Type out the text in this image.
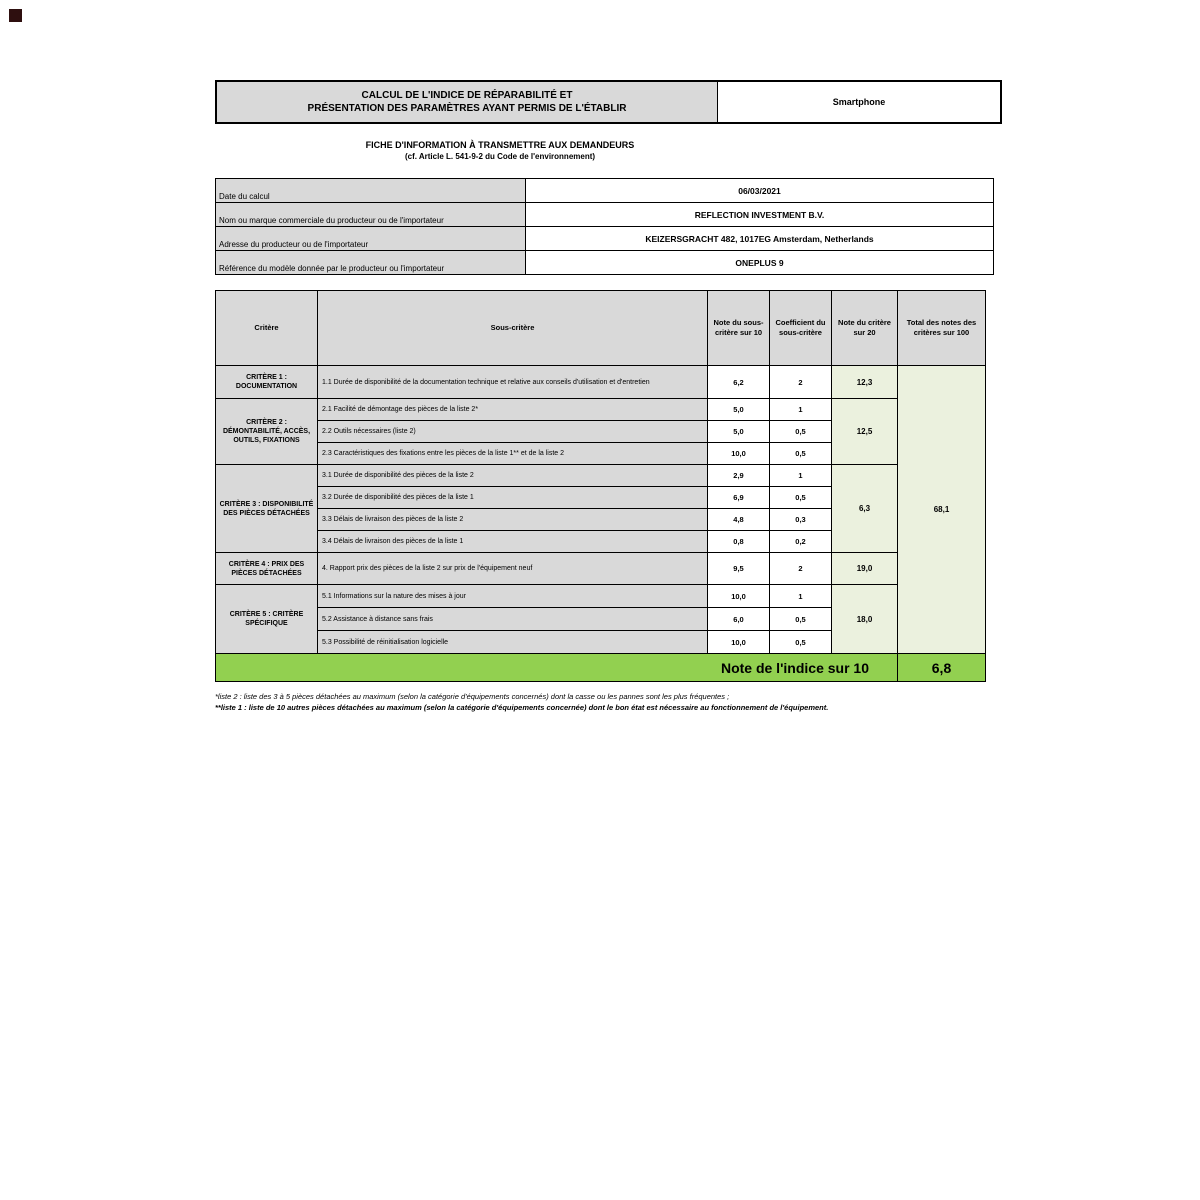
CALCUL DE L'INDICE DE RÉPARABILITÉ ET
PRÉSENTATION DES PARAMÈTRES AYANT PERMIS DE L'ÉTABLIR
	Smartphone
FICHE D'INFORMATION À TRANSMETTRE AUX DEMANDEURS
(cf. Article L. 541-9-2 du Code de l'environnement)
Date du calcul	06/03/2021
Nom ou marque commerciale du producteur ou de l'importateur	REFLECTION INVESTMENT B.V.
Adresse du producteur ou de l'importateur	KEIZERSGRACHT 482, 1017EG Amsterdam, Netherlands
Référence du modèle donnée par le producteur ou l'importateur	ONEPLUS 9
Critère	Sous-critère	Note du sous-critère sur 10	Coefficient du sous-critère	Note du critère sur 20	Total des notes des critères sur 100
CRITÈRE 1 : DOCUMENTATION	1.1 Durée de disponibilité de la documentation technique et relative aux conseils d'utilisation et d'entretien	6,2	2	12,3	68,1
CRITÈRE 2 : DÉMONTABILITÉ, ACCÈS, OUTILS, FIXATIONS	2.1 Facilité de démontage des pièces de la liste 2*	5,0	1	12,5	
	2.2 Outils nécessaires (liste 2)	5,0	0,5		
	2.3 Caractéristiques des fixations entre les pièces de la liste 1** et de la liste 2	10,0	0,5		
CRITÈRE 3 : DISPONIBILITÉ DES PIÈCES DÉTACHÉES	3.1 Durée de disponibilité des pièces de la liste 2	2,9	1	6,3	
	3.2 Durée de disponibilité des pièces de la liste 1	6,9	0,5		
	3.3 Délais de livraison des pièces de la liste 2	4,8	0,3		
	3.4 Délais de livraison des pièces de la liste 1	0,8	0,2		
CRITÈRE 4 : PRIX DES PIÈCES DÉTACHÉES	4. Rapport prix des pièces de la liste 2 sur prix de l'équipement neuf	9,5	2	19,0	
CRITÈRE 5 : CRITÈRE SPÉCIFIQUE	5.1 Informations sur la nature des mises à jour	10,0	1	18,0	
	5.2 Assistance à distance sans frais	6,0	0,5		
	5.3 Possibilité de réinitialisation logicielle	10,0	0,5		
Note de l'indice sur 10					6,8
*liste 2 : liste des 3 à 5 pièces détachées au maximum (selon la catégorie d'équipements concernés) dont la casse ou les pannes sont les plus fréquentes ;
**liste 1 : liste de 10 autres pièces détachées au maximum (selon la catégorie d'équipements concernée) dont le bon état est nécessaire au fonctionnement de l'équipement.
